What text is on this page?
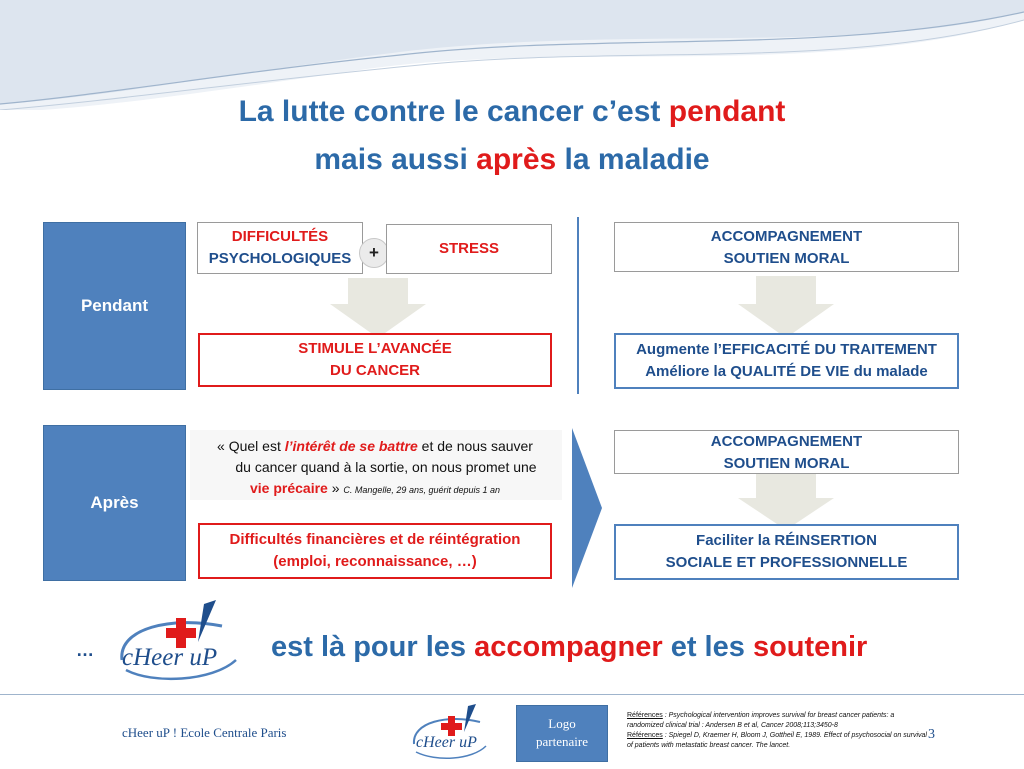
La lutte contre le cancer c’est pendant
mais aussi après la maladie
Pendant
Après
DIFFICULTÉS
PSYCHOLOGIQUES	+	STRESS
STIMULE L’AVANCÉE
DU CANCER
ACCOMPAGNEMENT
SOUTIEN MORAL
Augmente l’EFFICACITÉ DU TRAITEMENT
Améliore la QUALITÉ DE VIE du malade
« Quel est l’intérêt de se battre et de nous sauver
du cancer quand à la sortie, on nous promet une
vie précaire » C. Mangelle, 29 ans, guérit depuis 1 an
Difficultés financières et de réintégration
(emploi, reconnaissance, …)
ACCOMPAGNEMENT
SOUTIEN MORAL
Faciliter la RÉINSERTION
SOCIALE ET PROFESSIONNELLE
… cHeer uP est là pour les accompagner et les soutenir
cHeer uP ! Ecole Centrale Paris
cHeer uP
Logo
partenaire
Références : Psychological intervention improves survival for breast cancer patients: a randomized clinical trial : Andersen B et al, Cancer 2008;113;3450-8
Références : Spiegel D, Kraemer H, Bloom J, Gottheil E, 1989. Effect of psychosocial on survival of patients with metastatic breast cancer. The lancet.
3
